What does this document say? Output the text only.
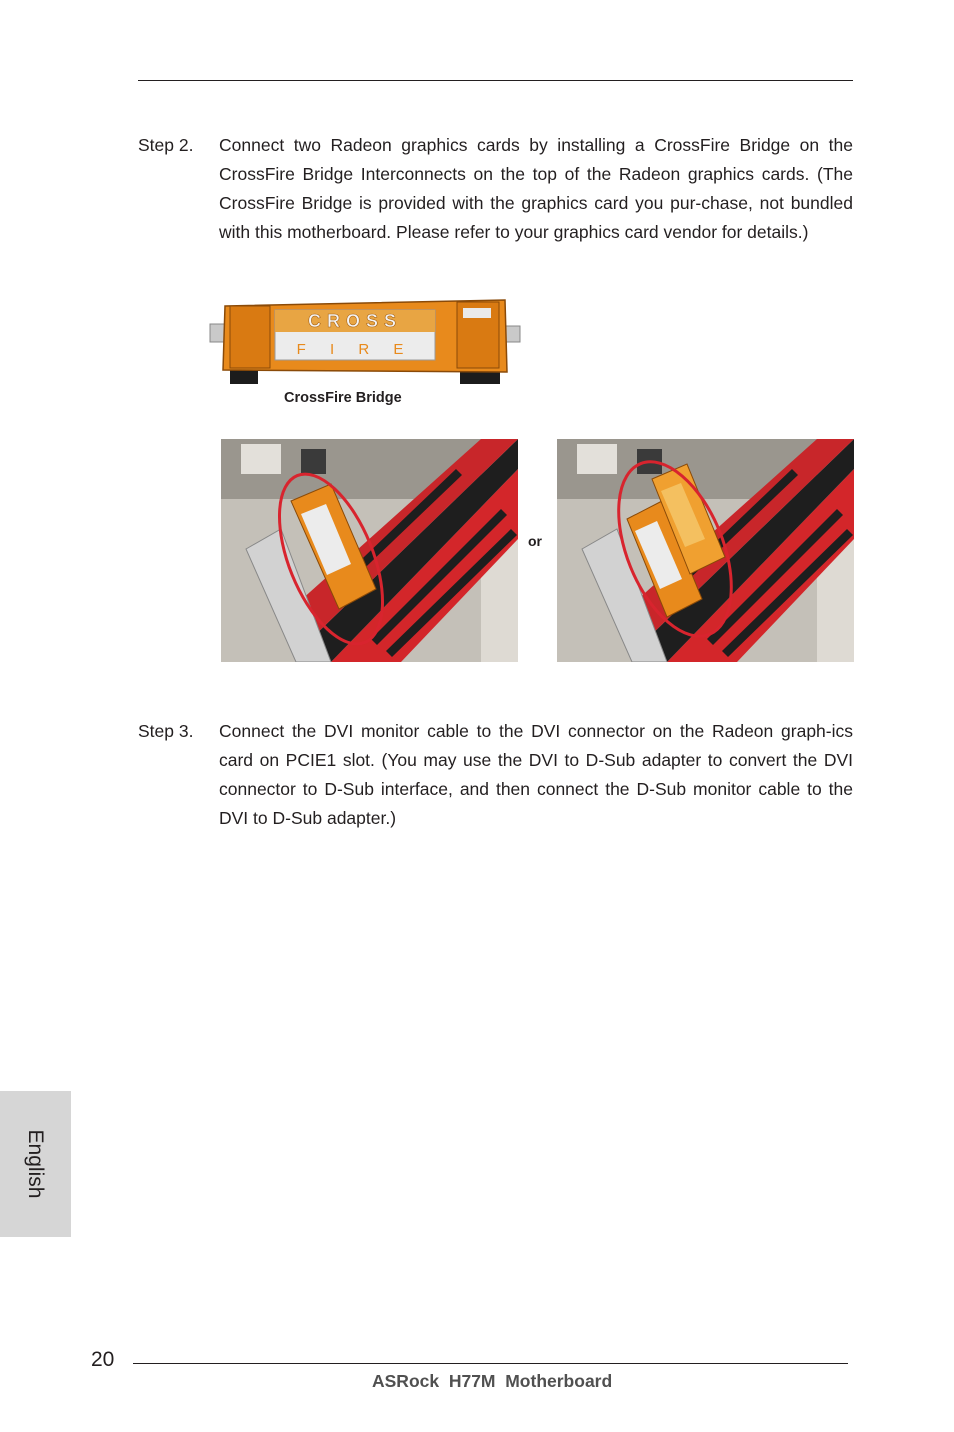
Step 2. Connect two Radeon graphics cards by installing a CrossFire Bridge on the CrossFire Bridge Interconnects on the top of the Radeon graphics cards. (The CrossFire Bridge is provided with the graphics card you pur-chase, not bundled with this motherboard. Please refer to your graphics card vendor for details.)
CROSS
F I R E
CrossFire Bridge
or
Step 3. Connect the DVI monitor cable to the DVI connector on the Radeon graph-ics card on PCIE1 slot. (You may use the DVI to D-Sub adapter to convert the DVI connector to D-Sub interface, and then connect the D-Sub monitor cable to the DVI to D-Sub adapter.)
English
20
ASRock  H77M  Motherboard
